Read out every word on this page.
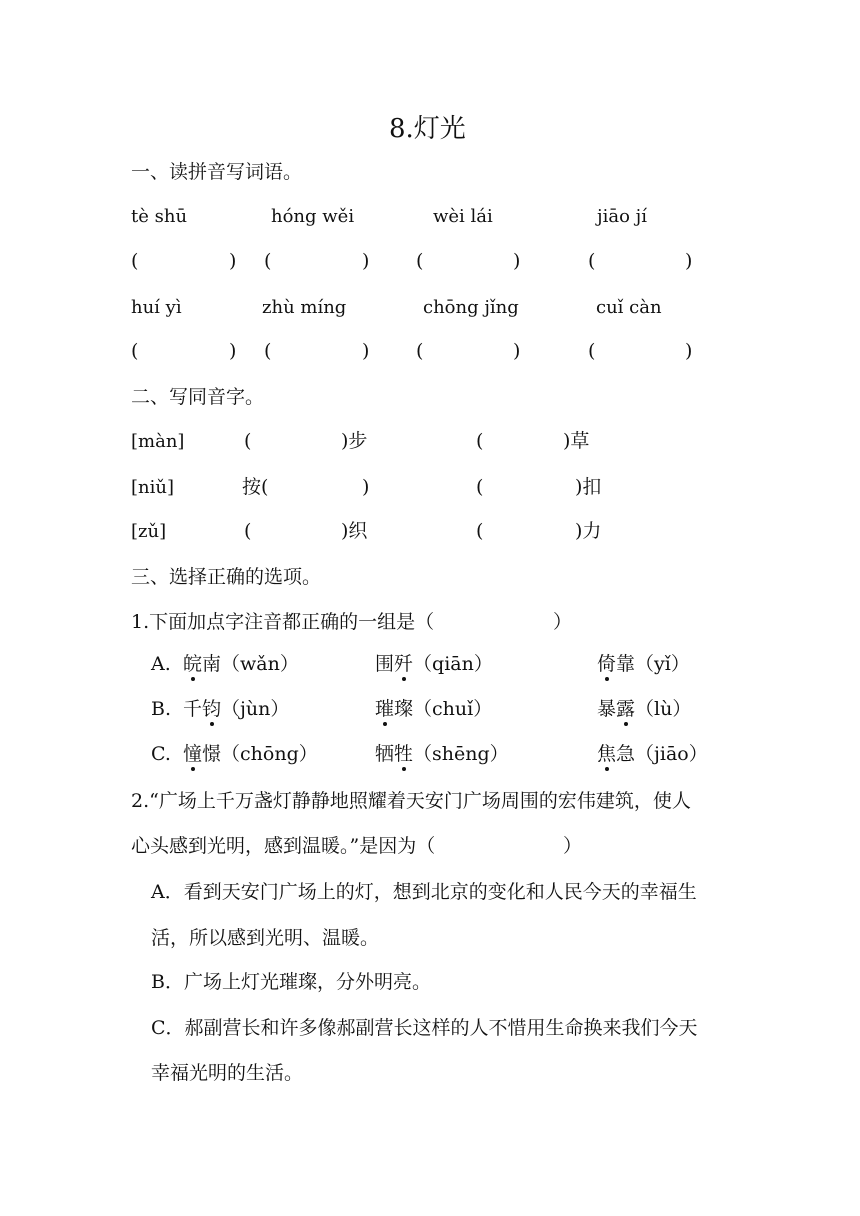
8.灯光
一、读拼音写词语。
tè shū	hóng wěi	wèi lái	jiāo jí
(	) (	) (	)	(	)
huí yì	zhù míng	chōng jǐng	cuǐ càn
(	) (	) (	)	(	)
二、写同音字。
[màn]	(	)步	(	)草
[niǔ]	按(	)	(	)扣
[zǔ]	(	)织	(	)力
三、选择正确的选项。
1.下面加点字注音都正确的一组是（	）
A. 皖南（wǎn）	围歼（qiān）	倚靠（yǐ）
B. 千钧（jùn）	璀璨（chuǐ）	暴露（lù）
C. 憧憬（chōng）	牺牲（shēng）	焦急（jiāo）
2.“广场上千万盏灯静静地照耀着天安门广场周围的宏伟建筑，使人
心头感到光明，感到温暖。”是因为（	）
A．看到天安门广场上的灯，想到北京的变化和人民今天的幸福生
活，所以感到光明、温暖。
B．广场上灯光璀璨，分外明亮。
C．郝副营长和许多像郝副营长这样的人不惜用生命换来我们今天
幸福光明的生活。
